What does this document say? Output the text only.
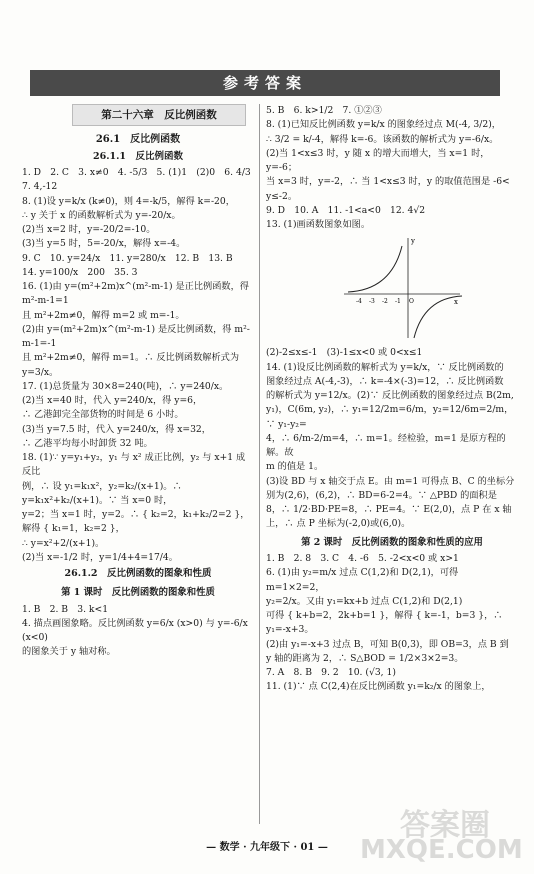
参考答案
第二十六章　反比例函数
26.1　反比例函数
26.1.1　反比例函数
1. D　2. C　3. x≠0　4. -5/3　5. (1)1　(2)0　6. 4/3
7. 4,-12
8. (1)设 y=k/x (k≠0)，则 4=-k/5，解得 k=-20，
∴ y 关于 x 的函数解析式为 y=-20/x。
(2)当 x=2 时，y=-20/2=-10。
(3)当 y=5 时，5=-20/x，解得 x=-4。
9. C　10. y=24/x　11. y=280/x　12. B　13. B
14. y=100/x　200　35. 3
16. (1)由 y=(m²+2m)x^(m²-m-1) 是正比例函数，得 m²-m-1=1
且 m²+2m≠0，解得 m=2 或 m=-1。
(2)由 y=(m²+2m)x^(m²-m-1) 是反比例函数，得 m²-m-1=-1
且 m²+2m≠0，解得 m=1。∴ 反比例函数解析式为 y=3/x。
17. (1)总货量为 30×8=240(吨)，∴ y=240/x。
(2)当 x=40 时，代入 y=240/x，得 y=6，
∴ 乙港卸完全部货物的时间是 6 小时。
(3)当 y=7.5 时，代入 y=240/x，得 x=32，
∴ 乙港平均每小时卸货 32 吨。
18. (1)∵ y=y₁+y₂，y₁ 与 x² 成正比例，y₂ 与 x+1 成反比
例，∴ 设 y₁=k₁x²，y₂=k₂/(x+1)。∴ y=k₁x²+k₂/(x+1)。∵ 当 x=0 时，
y=2；当 x=1 时，y=2。∴ { k₂=2，k₁+k₂/2=2 }，解得 { k₁=1，k₂=2 }，
∴ y=x²+2/(x+1)。
(2)当 x=-1/2 时，y=1/4+4=17/4。
26.1.2　反比例函数的图象和性质
第 1 课时　反比例函数的图象和性质
1. B　2. B　3. k<1
4. 描点画图象略。反比例函数 y=6/x (x>0) 与 y=-6/x (x<0)
的图象关于 y 轴对称。
5. B　6. k>1/2　7. ①②③
8. (1)已知反比例函数 y=k/x 的图象经过点 M(-4, 3/2)，
∴ 3/2 = k/-4，解得 k=-6。该函数的解析式为 y=-6/x。
(2)当 1<x≤3 时，y 随 x 的增大而增大，当 x=1 时，y=-6；
当 x=3 时，y=-2，∴ 当 1<x≤3 时，y 的取值范围是 -6<
y≤-2。
9. D　10. A　11. -1<a<0　12. 4√2
13. (1)画函数图象如图。
x
y
-4 -3 -2 -1 O
(2)-2≤x≤-1　(3)-1≤x<0 或 0<x≤1
14. (1)设反比例函数的解析式为 y=k/x，∵ 反比例函数的
图象经过点 A(-4,-3)，∴ k=-4×(-3)=12，∴ 反比例函数
的解析式为 y=12/x。(2)∵ 反比例函数的图象经过点 B(2m,
y₁)，C(6m, y₂)，∴ y₁=12/2m=6/m，y₂=12/6m=2/m，∵ y₁-y₂=
4，∴ 6/m-2/m=4，∴ m=1。经检验，m=1 是原方程的解。故
m 的值是 1。
(3)设 BD 与 x 轴交于点 E。由 m=1 可得点 B、C 的坐标分
别为(2,6)，(6,2)，∴ BD=6-2=4。∵ △PBD 的面积是
8，∴ 1/2·BD·PE=8，∴ PE=4。∵ E(2,0)，点 P 在 x 轴
上，∴ 点 P 坐标为(-2,0)或(6,0)。
第 2 课时　反比例函数的图象和性质的应用
1. B　2. 8　3. C　4. -6　5. -2<x<0 或 x>1
6. (1)由 y₂=m/x 过点 C(1,2)和 D(2,1)，可得 m=1×2=2，
y₂=2/x。又由 y₁=kx+b 过点 C(1,2)和 D(2,1)
可得 { k+b=2，2k+b=1 }，解得 { k=-1，b=3 }，∴ y₁=-x+3。
(2)由 y₁=-x+3 过点 B，可知 B(0,3)，即 OB=3，点 B 到
y 轴的距离为 2，∴ S△BOD = 1/2×3×2=3。
7. A　8. B　9. 2　10. (√3, 1)
11. (1)∵ 点 C(2,4)在反比例函数 y₁=k₂/x 的图象上，
— 数学 · 九年级下 · 01 —
答案圈
MXQE.COM
